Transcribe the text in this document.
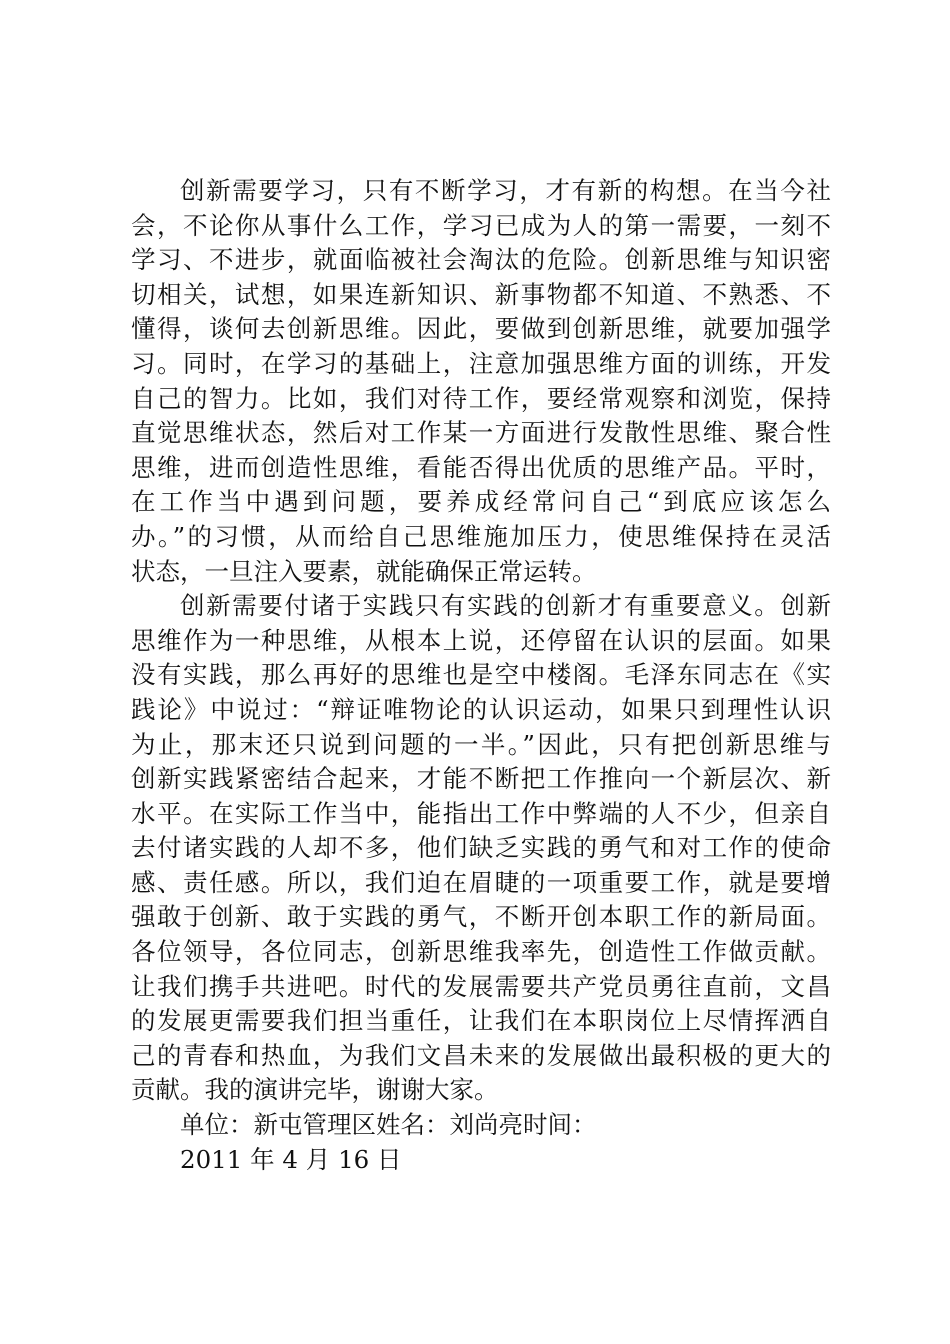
创新需要学习，只有不断学习，才有新的构想。在当今社
会，不论你从事什么工作，学习已成为人的第一需要，一刻不
学习、不进步，就面临被社会淘汰的危险。创新思维与知识密
切相关，试想，如果连新知识、新事物都不知道、不熟悉、不
懂得，谈何去创新思维。因此，要做到创新思维，就要加强学
习。同时，在学习的基础上，注意加强思维方面的训练，开发
自己的智力。比如，我们对待工作，要经常观察和浏览，保持
直觉思维状态，然后对工作某一方面进行发散性思维、聚合性
思维，进而创造性思维，看能否得出优质的思维产品。平时，
在工作当中遇到问题，要养成经常问自己“到底应该怎么
办。”的习惯，从而给自己思维施加压力，使思维保持在灵活
状态，一旦注入要素，就能确保正常运转。
创新需要付诸于实践只有实践的创新才有重要意义。创新
思维作为一种思维，从根本上说，还停留在认识的层面。如果
没有实践，那么再好的思维也是空中楼阁。毛泽东同志在《实
践论》中说过：“辩证唯物论的认识运动，如果只到理性认识
为止，那末还只说到问题的一半。”因此，只有把创新思维与
创新实践紧密结合起来，才能不断把工作推向一个新层次、新
水平。在实际工作当中，能指出工作中弊端的人不少，但亲自
去付诸实践的人却不多，他们缺乏实践的勇气和对工作的使命
感、责任感。所以，我们迫在眉睫的一项重要工作，就是要增
强敢于创新、敢于实践的勇气，不断开创本职工作的新局面。
各位领导，各位同志，创新思维我率先，创造性工作做贡献。
让我们携手共进吧。时代的发展需要共产党员勇往直前，文昌
的发展更需要我们担当重任，让我们在本职岗位上尽情挥洒自
己的青春和热血，为我们文昌未来的发展做出最积极的更大的
贡献。我的演讲完毕，谢谢大家。
单位：新屯管理区姓名：刘尚亮时间：
2011 年 4 月 16 日
